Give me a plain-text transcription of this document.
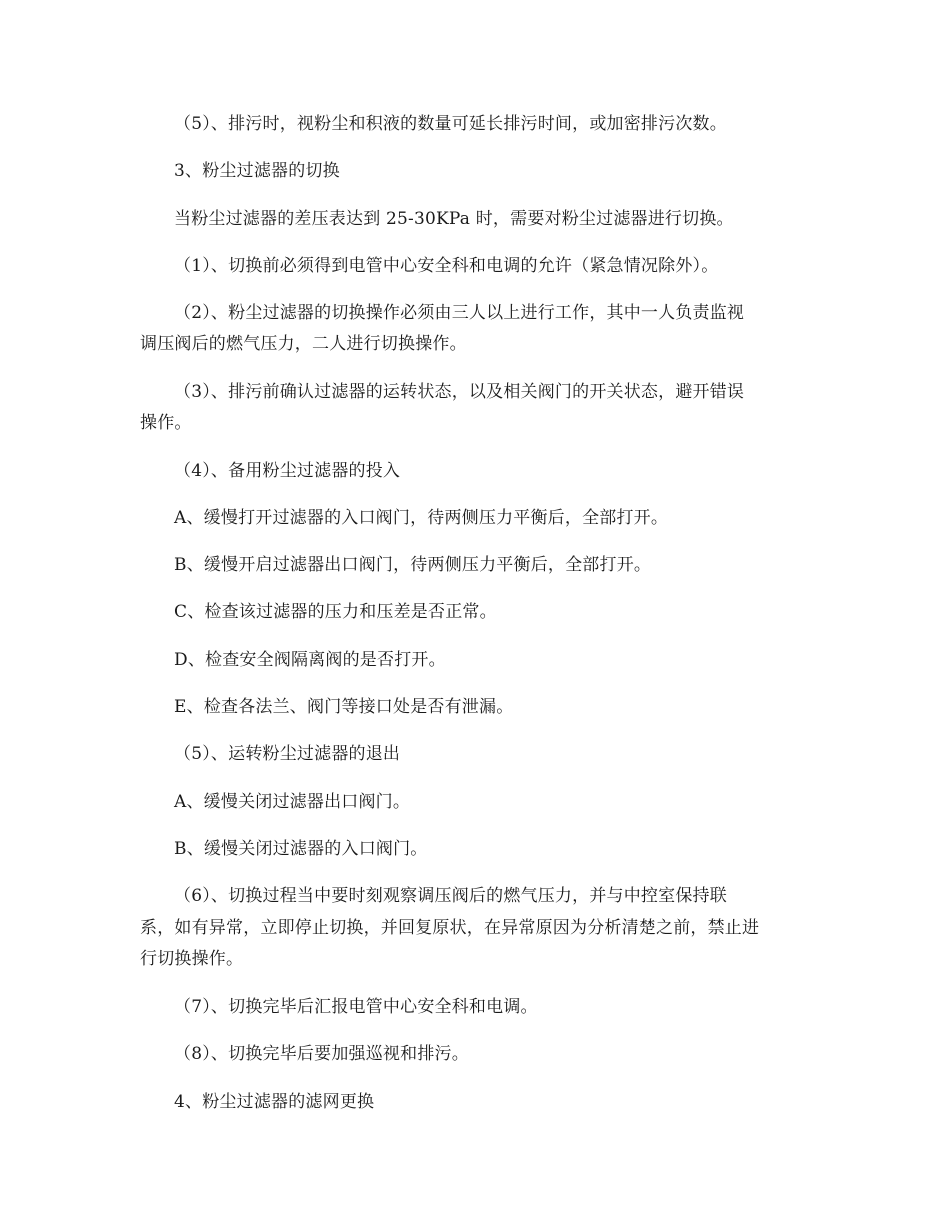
（5）、排污时，视粉尘和积液的数量可延长排污时间，或加密排污次数。
3、粉尘过滤器的切换
当粉尘过滤器的差压表达到 25-30KPa 时，需要对粉尘过滤器进行切换。
（1）、切换前必须得到电管中心安全科和电调的允许（紧急情况除外）。
（2）、粉尘过滤器的切换操作必须由三人以上进行工作，其中一人负责监视
调压阀后的燃气压力，二人进行切换操作。
（3）、排污前确认过滤器的运转状态，以及相关阀门的开关状态，避开错误
操作。
（4）、备用粉尘过滤器的投入
A、缓慢打开过滤器的入口阀门，待两侧压力平衡后，全部打开。
B、缓慢开启过滤器出口阀门，待两侧压力平衡后，全部打开。
C、检查该过滤器的压力和压差是否正常。
D、检查安全阀隔离阀的是否打开。
E、检查各法兰、阀门等接口处是否有泄漏。
（5）、运转粉尘过滤器的退出
A、缓慢关闭过滤器出口阀门。
B、缓慢关闭过滤器的入口阀门。
（6）、切换过程当中要时刻观察调压阀后的燃气压力，并与中控室保持联
系，如有异常，立即停止切换，并回复原状，在异常原因为分析清楚之前，禁止进
行切换操作。
（7）、切换完毕后汇报电管中心安全科和电调。
（8）、切换完毕后要加强巡视和排污。
4、粉尘过滤器的滤网更换
